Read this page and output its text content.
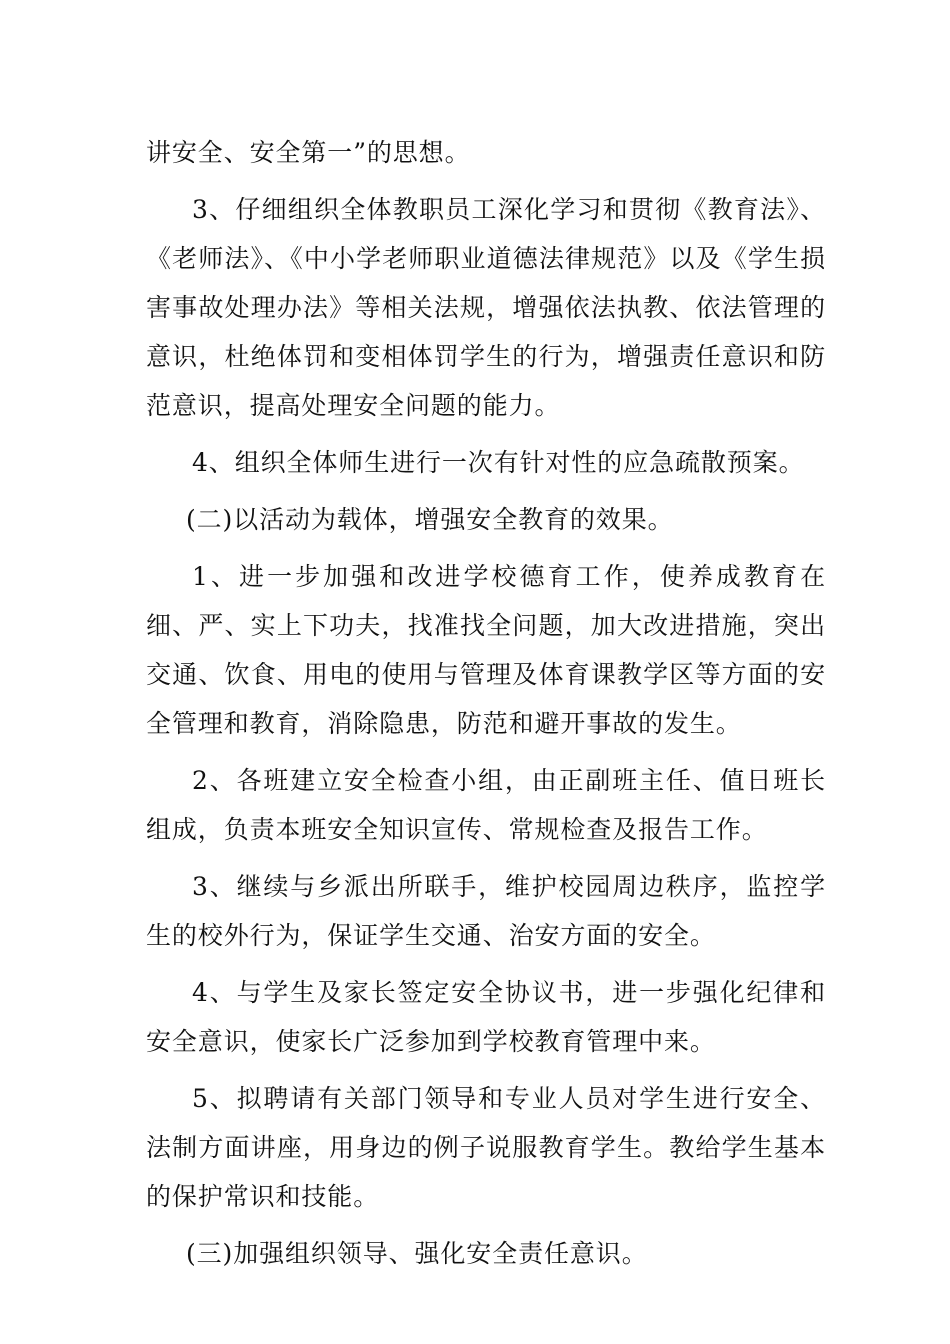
讲安全、安全第一”的思想。

3、仔细组织全体教职员工深化学习和贯彻《教育法》、《老师法》、《中小学老师职业道德法律规范》以及《学生损害事故处理办法》等相关法规，增强依法执教、依法管理的意识，杜绝体罚和变相体罚学生的行为，增强责任意识和防范意识，提高处理安全问题的能力。

4、组织全体师生进行一次有针对性的应急疏散预案。

(二)以活动为载体，增强安全教育的效果。

1、进一步加强和改进学校德育工作，使养成教育在细、严、实上下功夫，找准找全问题，加大改进措施，突出交通、饮食、用电的使用与管理及体育课教学区等方面的安全管理和教育，消除隐患，防范和避开事故的发生。

2、各班建立安全检查小组，由正副班主任、值日班长组成，负责本班安全知识宣传、常规检查及报告工作。

3、继续与乡派出所联手，维护校园周边秩序，监控学生的校外行为，保证学生交通、治安方面的安全。

4、与学生及家长签定安全协议书，进一步强化纪律和安全意识，使家长广泛参加到学校教育管理中来。

5、拟聘请有关部门领导和专业人员对学生进行安全、法制方面讲座，用身边的例子说服教育学生。教给学生基本的保护常识和技能。

(三)加强组织领导、强化安全责任意识。
